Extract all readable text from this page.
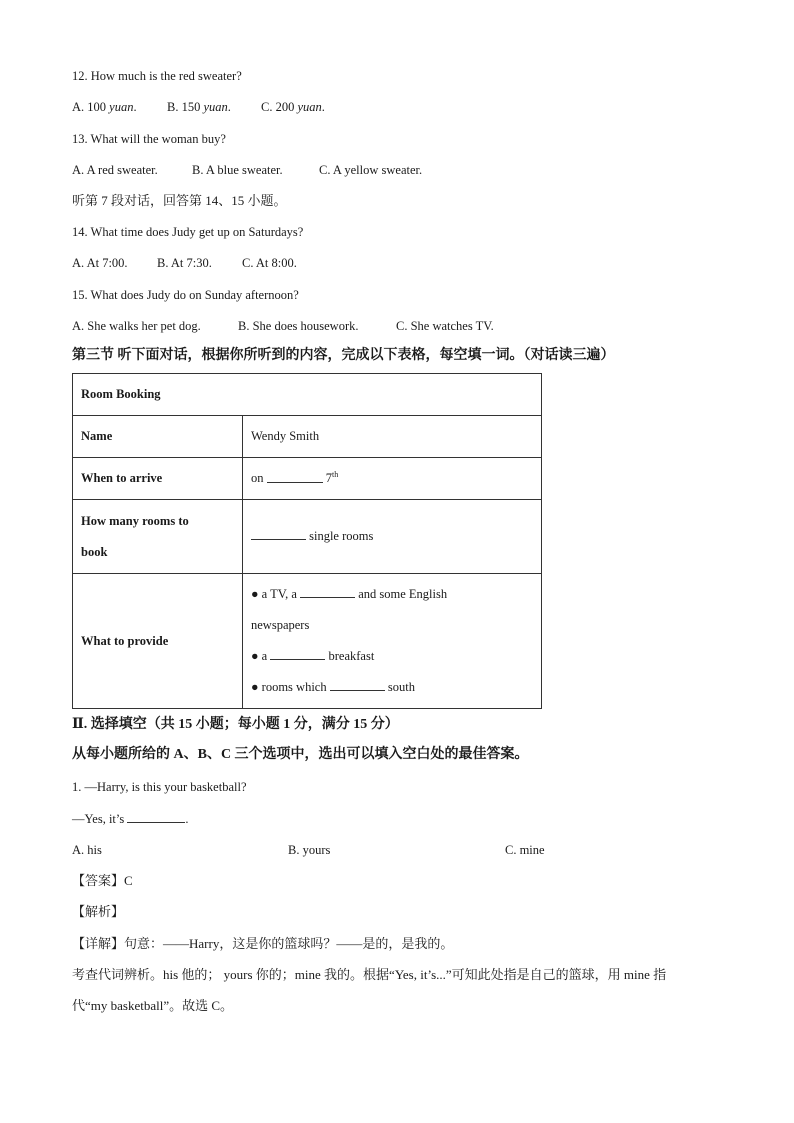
12. How much is the red sweater?
A. 100 yuan. B. 150 yuan. C. 200 yuan.
13. What will the woman buy?
A. A red sweater.	B. A blue sweater.	C. A yellow sweater.
听第 7 段对话，回答第 14、15 小题。
14. What time does Judy get up on Saturdays?
A. At 7:00. B. At 7:30. C. At 8:00.
15. What does Judy do on Sunday afternoon?
A. She walks her pet dog.	B. She does housework.	C. She watches TV.
第三节 听下面对话，根据你所听到的内容，完成以下表格，每空填一词。（对话读三遍）
Room Booking	
Name	Wendy Smith
When to arrive	on 7th

How many rooms to
book	single rooms
What to provide	● a TV, a and some English
newspapers
● a breakfast
● rooms which south
Ⅱ. 选择填空（共 15 小题；每小题 1 分，满分 15 分）
从每小题所给的 A、B、C 三个选项中，选出可以填入空白处的最佳答案。
1. —Harry, is this your basketball?
—Yes, it’s	.
A. his	B. yours	C. mine
【答案】C
【解析】
【详解】句意：——Harry，这是你的篮球吗？——是的，是我的。
考查代词辨析。his 他的； yours 你的；mine 我的。根据“Yes, it’s...”可知此处指是自己的篮球，用 mine 指
代“my basketball”。故选 C。
